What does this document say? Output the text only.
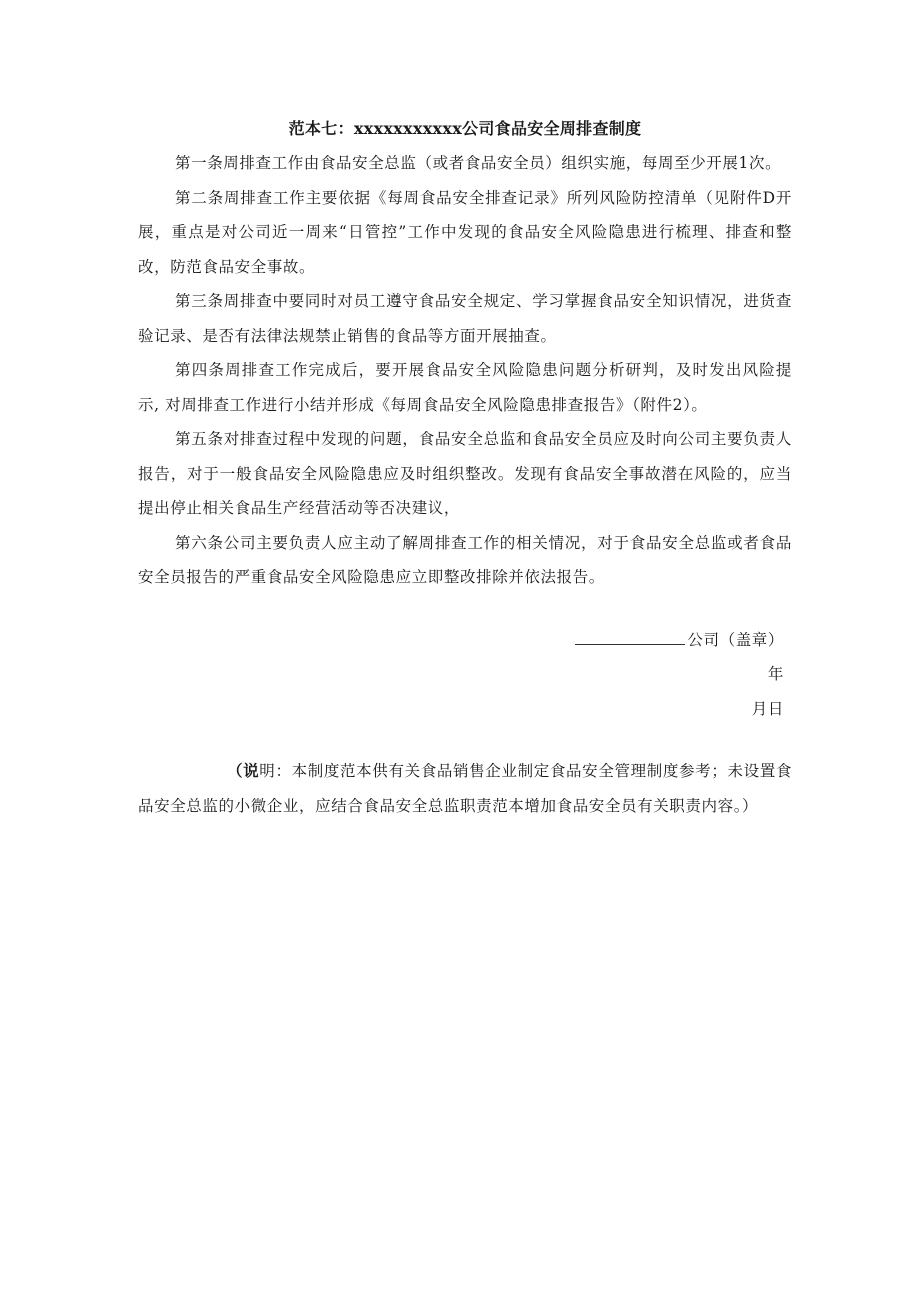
范本七：xxxxxxxxxxx公司食品安全周排查制度

第一条周排查工作由食品安全总监（或者食品安全员）组织实施，每周至少开展1次。

第二条周排查工作主要依据《每周食品安全排查记录》所列风险防控清单（见附件D开展，重点是对公司近一周来“日管控”工作中发现的食品安全风险隐患进行梳理、排查和整改，防范食品安全事故。

第三条周排查中要同时对员工遵守食品安全规定、学习掌握食品安全知识情况，进货查验记录、是否有法律法规禁止销售的食品等方面开展抽查。

第四条周排查工作完成后，要开展食品安全风险隐患问题分析研判，及时发出风险提示, 对周排查工作进行小结并形成《每周食品安全风险隐患排查报告》（附件2）。

第五条对排查过程中发现的问题，食品安全总监和食品安全员应及时向公司主要负责人报告，对于一般食品安全风险隐患应及时组织整改。发现有食品安全事故潜在风险的，应当提出停止相关食品生产经营活动等否决建议，

第六条公司主要负责人应主动了解周排查工作的相关情况，对于食品安全总监或者食品安全员报告的严重食品安全风险隐患应立即整改排除并依法报告。

公司（盖章）
年
月日

（说明：本制度范本供有关食品销售企业制定食品安全管理制度参考；未设置食品安全总监的小微企业，应结合食品安全总监职责范本增加食品安全员有关职责内容。）
